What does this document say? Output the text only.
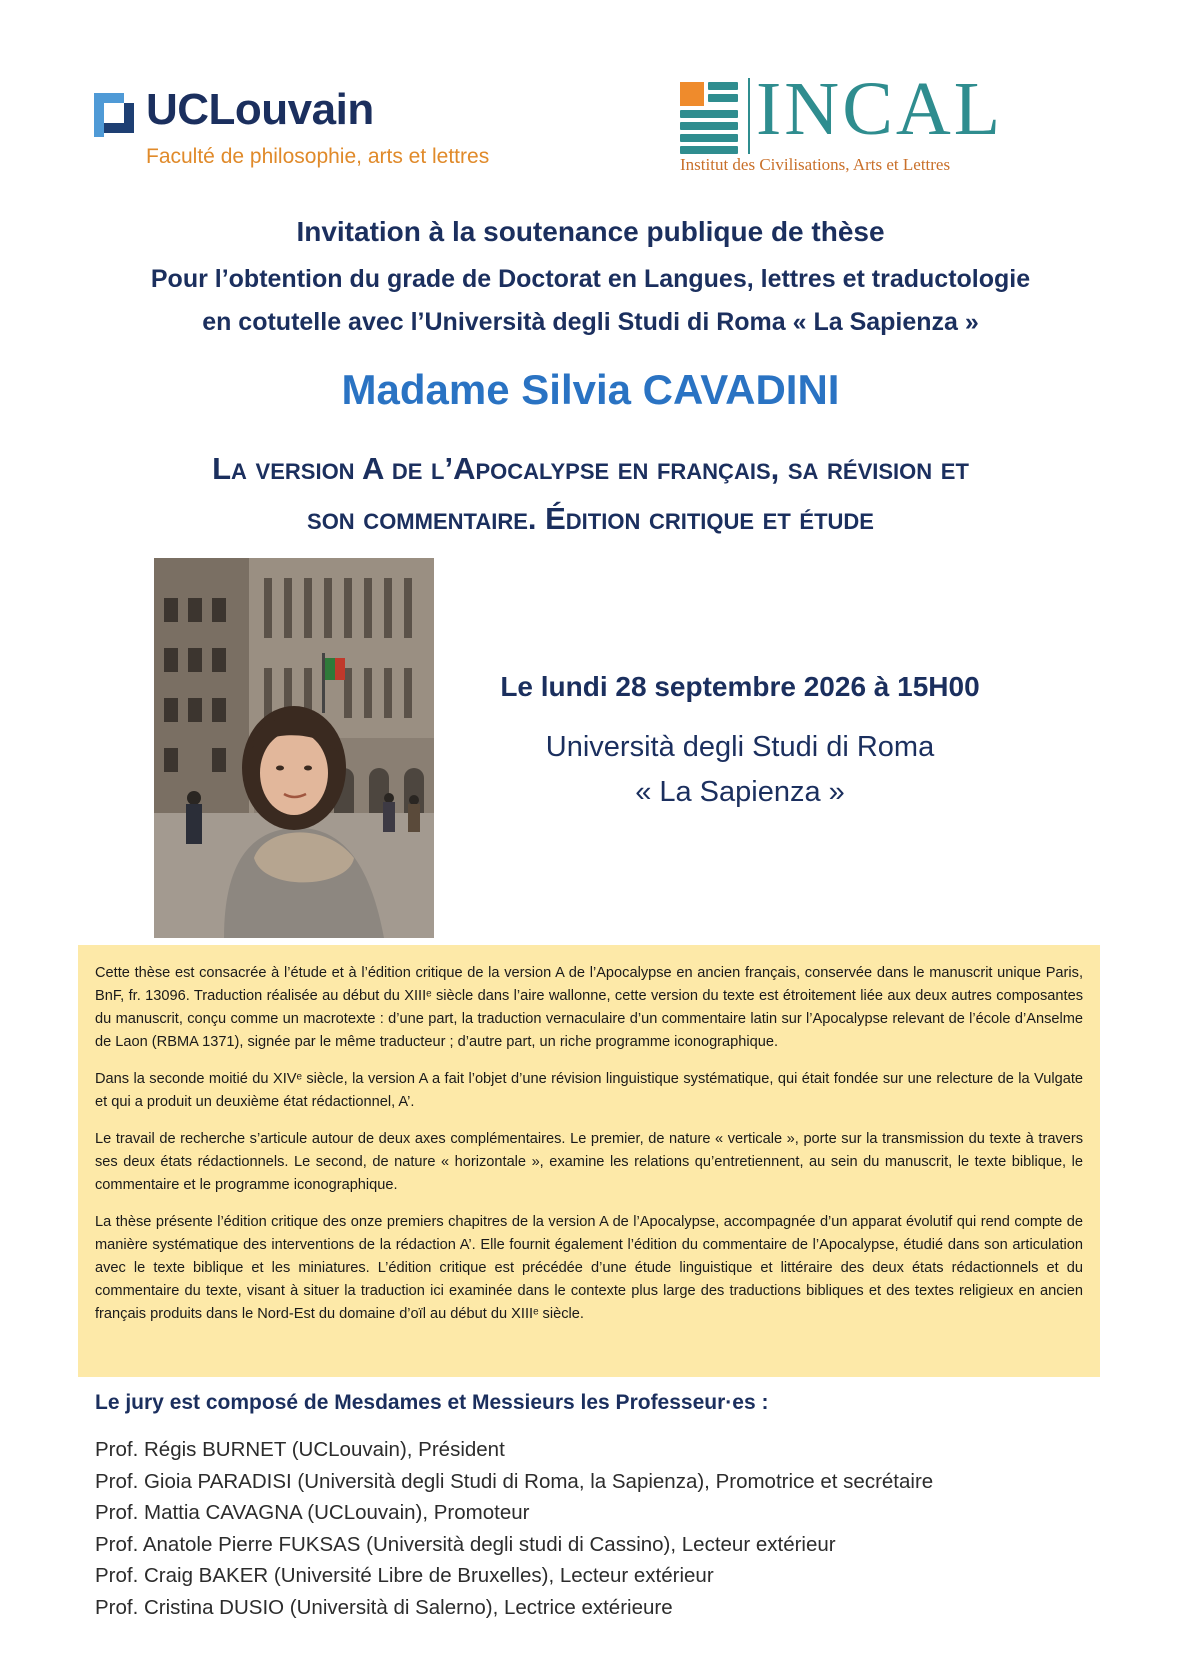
UCLouvain
Faculté de philosophie, arts et lettres
INCAL
Institut des Civilisations, Arts et Lettres
Invitation à la soutenance publique de thèse
Pour l’obtention du grade de Doctorat en Langues, lettres et traductologie
en cotutelle avec l’Università degli Studi di Roma « La Sapienza »
Madame Silvia CAVADINI
La version A de l’Apocalypse en français, sa révision et
son commentaire. Édition critique et étude
Le lundi 28 septembre 2026 à 15H00
Università degli Studi di Roma
« La Sapienza »

Cette thèse est consacrée à l’étude et à l’édition critique de la version A de l’Apocalypse en ancien français, conservée dans le manuscrit unique Paris, BnF, fr. 13096. Traduction réalisée au début du XIIIᵉ siècle dans l’aire wallonne, cette version du texte est étroitement liée aux deux autres composantes du manuscrit, conçu comme un macrotexte : d’une part, la traduction vernaculaire d’un commentaire latin sur l’Apocalypse relevant de l’école d’Anselme de Laon (RBMA 1371), signée par le même traducteur ; d’autre part, un riche programme iconographique.

Dans la seconde moitié du XIVᵉ siècle, la version A a fait l’objet d’une révision linguistique systématique, qui était fondée sur une relecture de la Vulgate et qui a produit un deuxième état rédactionnel, A’.

Le travail de recherche s’articule autour de deux axes complémentaires. Le premier, de nature « verticale », porte sur la transmission du texte à travers ses deux états rédactionnels. Le second, de nature « horizontale », examine les relations qu’entretiennent, au sein du manuscrit, le texte biblique, le commentaire et le programme iconographique.

La thèse présente l’édition critique des onze premiers chapitres de la version A de l’Apocalypse, accompagnée d’un apparat évolutif qui rend compte de manière systématique des interventions de la rédaction A’. Elle fournit également l’édition du commentaire de l’Apocalypse, étudié dans son articulation avec le texte biblique et les miniatures. L’édition critique est précédée d’une étude linguistique et littéraire des deux états rédactionnels et du commentaire du texte, visant à situer la traduction ici examinée dans le contexte plus large des traductions bibliques et des textes religieux en ancien français produits dans le Nord-Est du domaine d’oïl au début du XIIIᵉ siècle.

Le jury est composé de Mesdames et Messieurs les Professeur·es :
Prof. Régis BURNET (UCLouvain), Président
Prof. Gioia PARADISI (Università degli Studi di Roma, la Sapienza), Promotrice et secrétaire
Prof. Mattia CAVAGNA (UCLouvain), Promoteur
Prof. Anatole Pierre FUKSAS (Università degli studi di Cassino), Lecteur extérieur
Prof. Craig BAKER (Université Libre de Bruxelles), Lecteur extérieur
Prof. Cristina DUSIO (Università di Salerno), Lectrice extérieure
